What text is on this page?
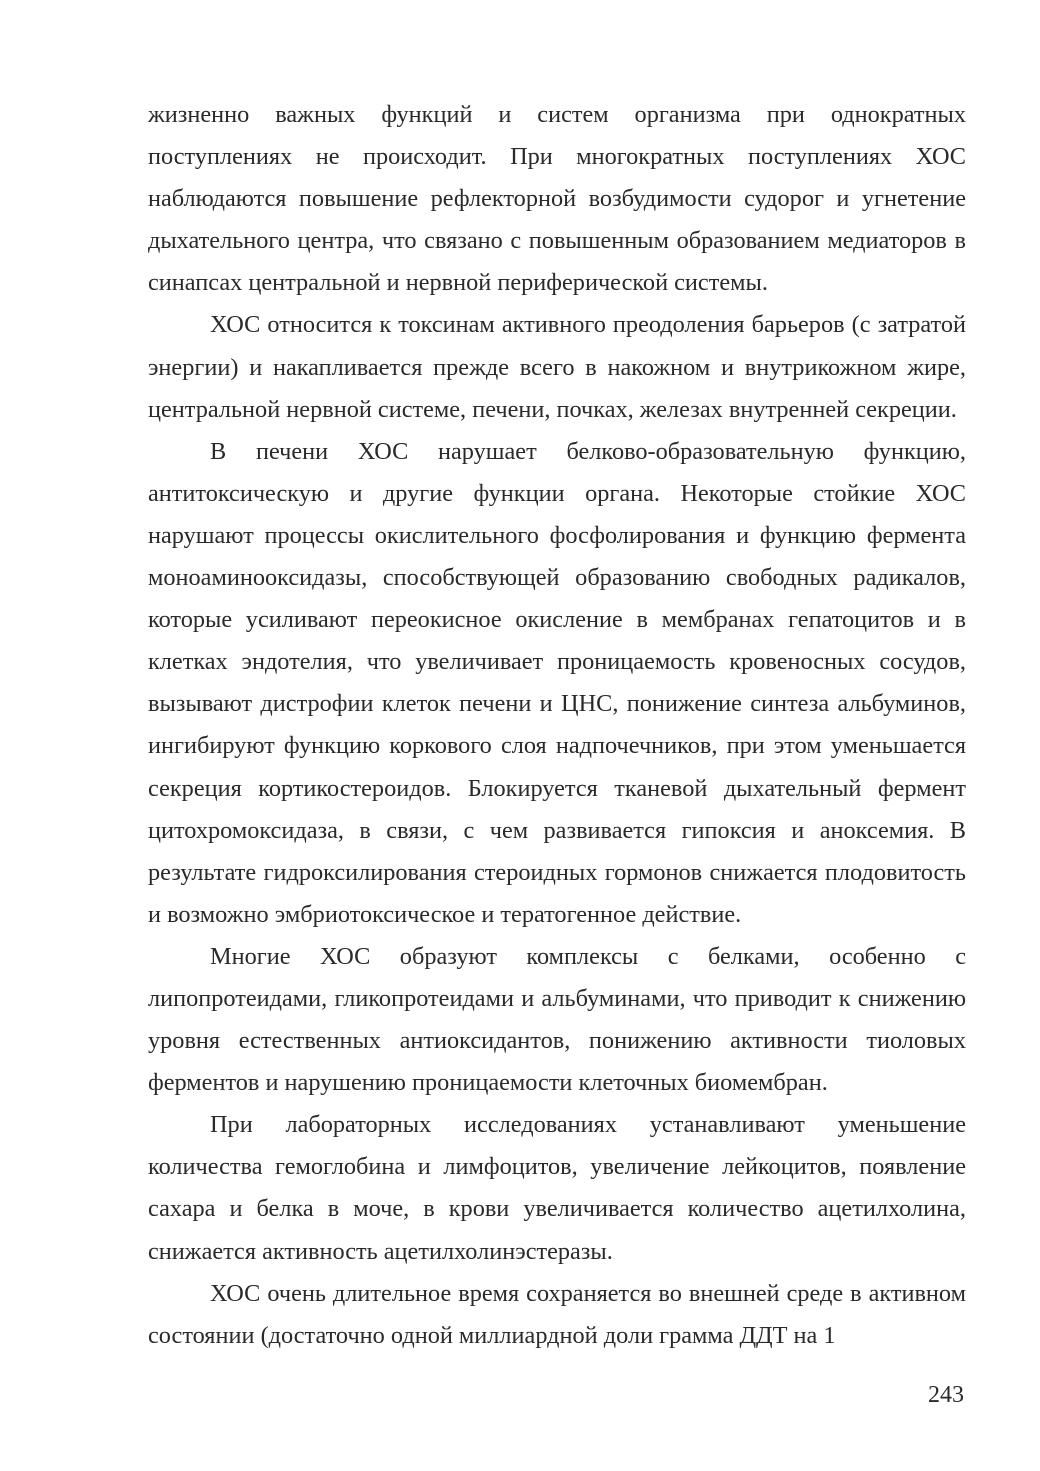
жизненно важных функций и систем организма при однократных поступлениях не происходит. При многократных поступлениях ХОС наблюдаются повышение рефлекторной возбудимости судорог и угнетение дыхательного центра, что связано с повышенным образованием медиаторов в синапсах центральной и нервной периферической системы.

ХОС относится к токсинам активного преодоления барьеров (с затратой энергии) и накапливается прежде всего в накожном и внутрикожном жире, центральной нервной системе, печени, почках, железах внутренней секреции.

В печени ХОС нарушает белково-образовательную функцию, антитоксическую и другие функции органа. Некоторые стойкие ХОС нарушают процессы окислительного фосфолирования и функцию фермента моноаминооксидазы, способствующей образованию свободных радикалов, которые усиливают переокисное окисление в мембранах гепатоцитов и в клетках эндотелия, что увеличивает проницаемость кровеносных сосудов, вызывают дистрофии клеток печени и ЦНС, понижение синтеза альбуминов, ингибируют функцию коркового слоя надпочечников, при этом уменьшается секреция кортикостероидов. Блокируется тканевой дыхательный фермент цитохромоксидаза, в связи, с чем развивается гипоксия и аноксемия. В результате гидроксилирования стероидных гормонов снижается плодовитость и возможно эмбриотоксическое и тератогенное действие.

Многие ХОС образуют комплексы с белками, особенно с липопротеидами, гликопротеидами и альбуминами, что приводит к снижению уровня естественных антиоксидантов, понижению активности тиоловых ферментов и нарушению проницаемости клеточных биомембран.

При лабораторных исследованиях устанавливают уменьшение количества гемоглобина и лимфоцитов, увеличение лейкоцитов, появление сахара и белка в моче, в крови увеличивается количество ацетилхолина, снижается активность ацетилхолинэстеразы.

ХОС очень длительное время сохраняется во внешней среде в активном состоянии (достаточно одной миллиардной доли грамма ДДТ на 1

243
